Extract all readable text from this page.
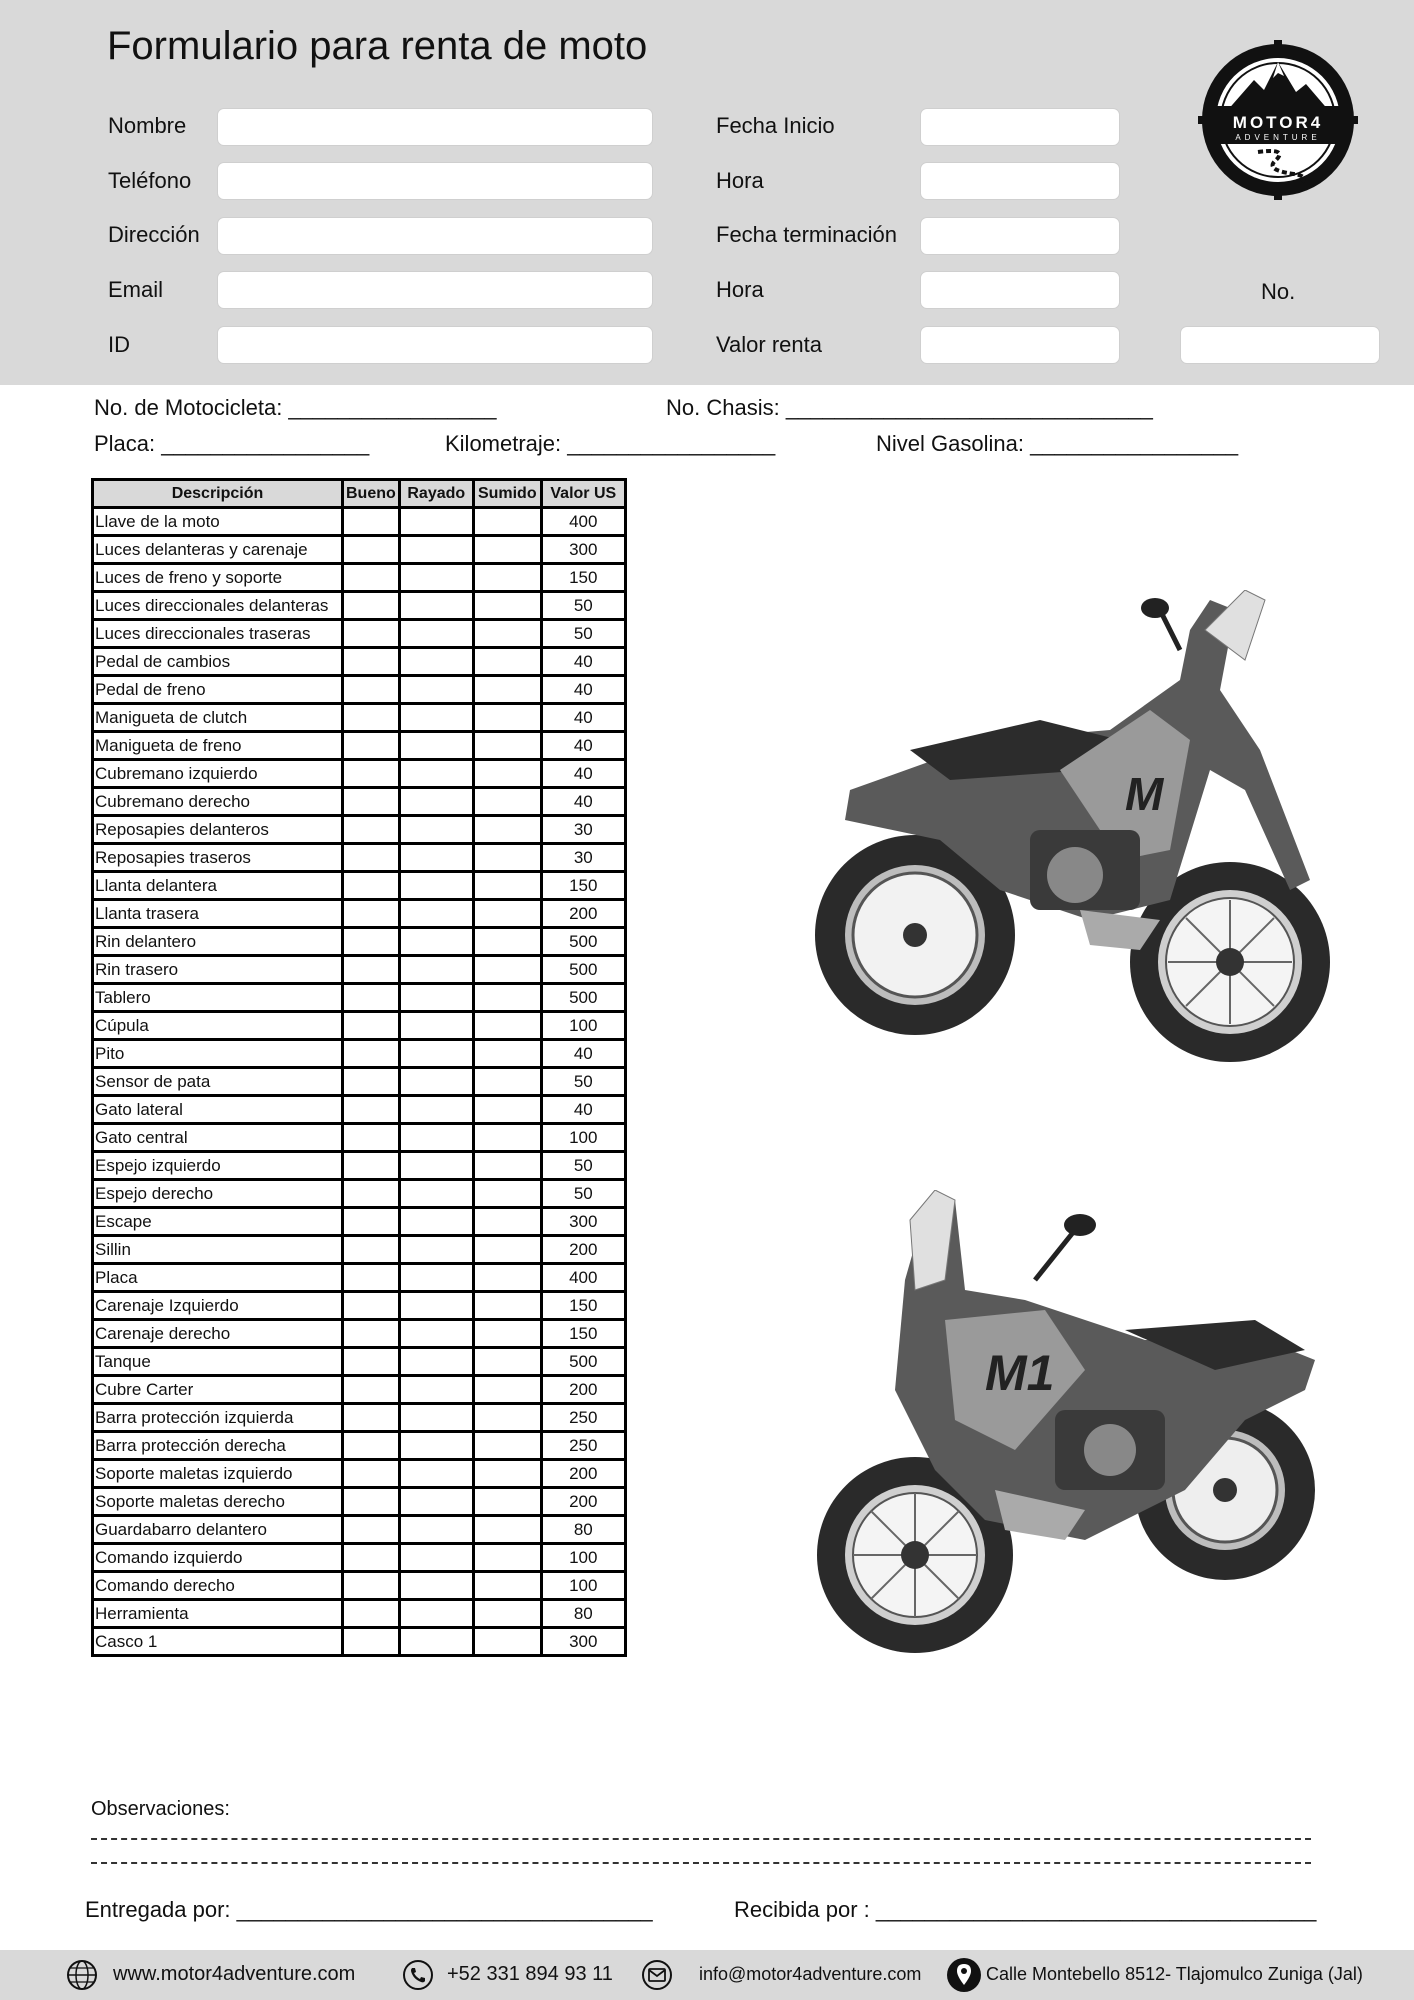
Formulario para renta de moto
Nombre
Teléfono
Dirección
Email
ID
Fecha Inicio
Hora
Fecha terminación
Hora
Valor renta
No.
MOTOR4
ADVENTURE
No. de Motocicleta: _________________	No. Chasis: ______________________________
Placa: _________________	Kilometraje: _________________	Nivel Gasolina: _________________
Descripción	Bueno	Rayado	Sumido	Valor US
Llave de la moto				400
Luces delanteras y carenaje				300
Luces de freno y soporte				150
Luces direccionales delanteras				50
Luces direccionales traseras				50
Pedal de cambios				40
Pedal de freno				40
Manigueta de clutch				40
Manigueta de freno				40
Cubremano izquierdo				40
Cubremano derecho				40
Reposapies delanteros				30
Reposapies traseros				30
Llanta delantera				150
Llanta trasera				200
Rin delantero				500
Rin trasero				500
Tablero				500
Cúpula				100
Pito				40
Sensor de pata				50
Gato lateral				40
Gato central				100
Espejo izquierdo				50
Espejo derecho				50
Escape				300
Sillin				200
Placa				400
Carenaje Izquierdo				150
Carenaje derecho				150
Tanque				500
Cubre Carter				200
Barra protección izquierda				250
Barra protección derecha				250
Soporte maletas izquierdo				200
Soporte maletas derecho				200
Guardabarro delantero				80
Comando izquierdo				100
Comando derecho				100
Herramienta				80
Casco 1				300
M
M1
Observaciones:
Entregada por: __________________________________	Recibida por : ____________________________________
www.motor4adventure.com	+52 331 894 93 11	info@motor4adventure.com	Calle Montebello 8512- Tlajomulco Zuniga (Jal)
